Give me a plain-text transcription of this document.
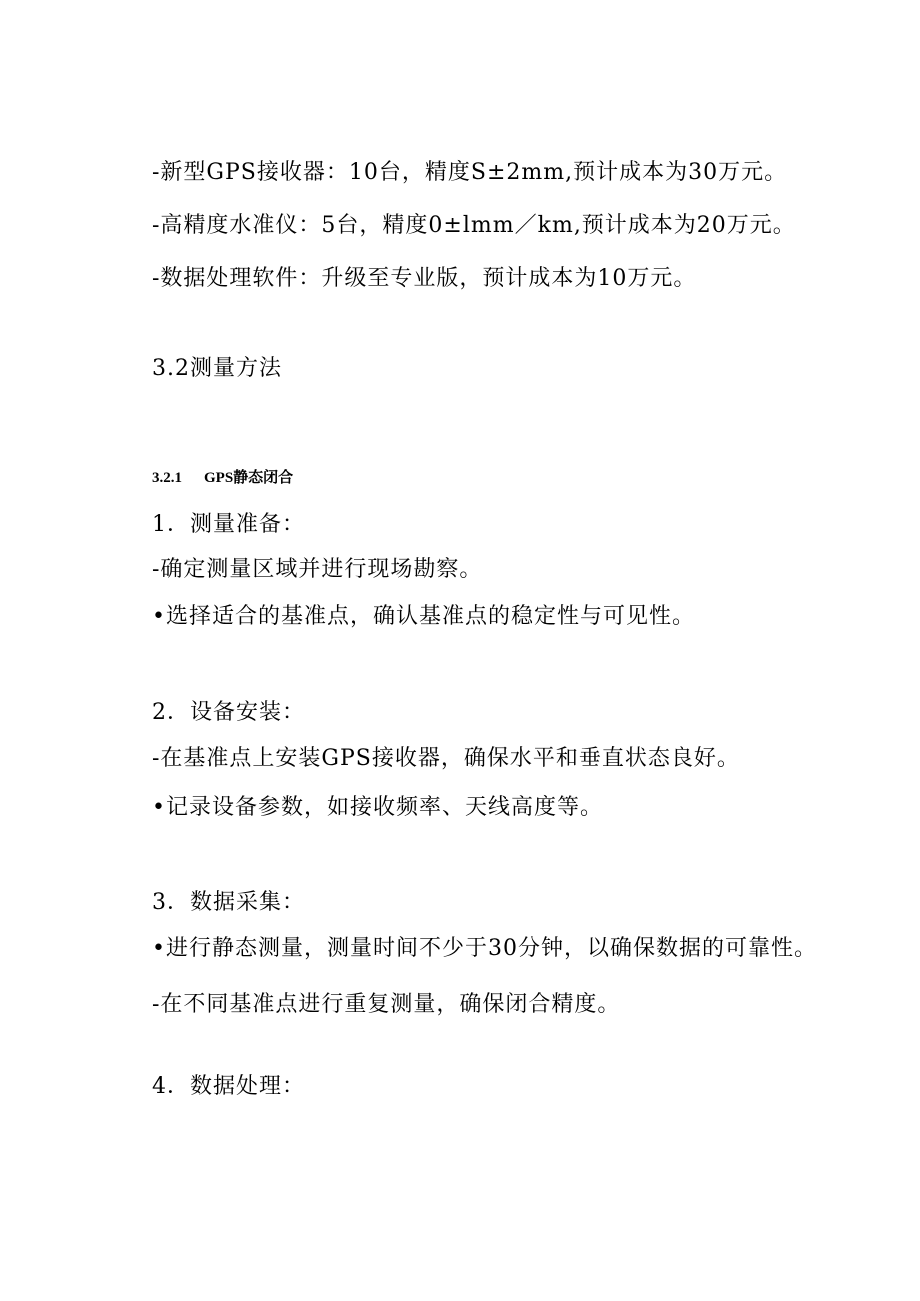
-新型GPS接收器：10台，精度S±2mm,预计成本为30万元。
-高精度水准仪：5台，精度0±lmm／km,预计成本为20万元。
-数据处理软件：升级至专业版，预计成本为10万元。
3.2测量方法
3.2.1 GPS静态闭合
1．测量准备：
-确定测量区域并进行现场勘察。
•选择适合的基准点，确认基准点的稳定性与可见性。
2．设备安装：
-在基准点上安装GPS接收器，确保水平和垂直状态良好。
•记录设备参数，如接收频率、天线高度等。
3．数据采集：
•进行静态测量，测量时间不少于30分钟，以确保数据的可靠性。
-在不同基准点进行重复测量，确保闭合精度。
4．数据处理：
